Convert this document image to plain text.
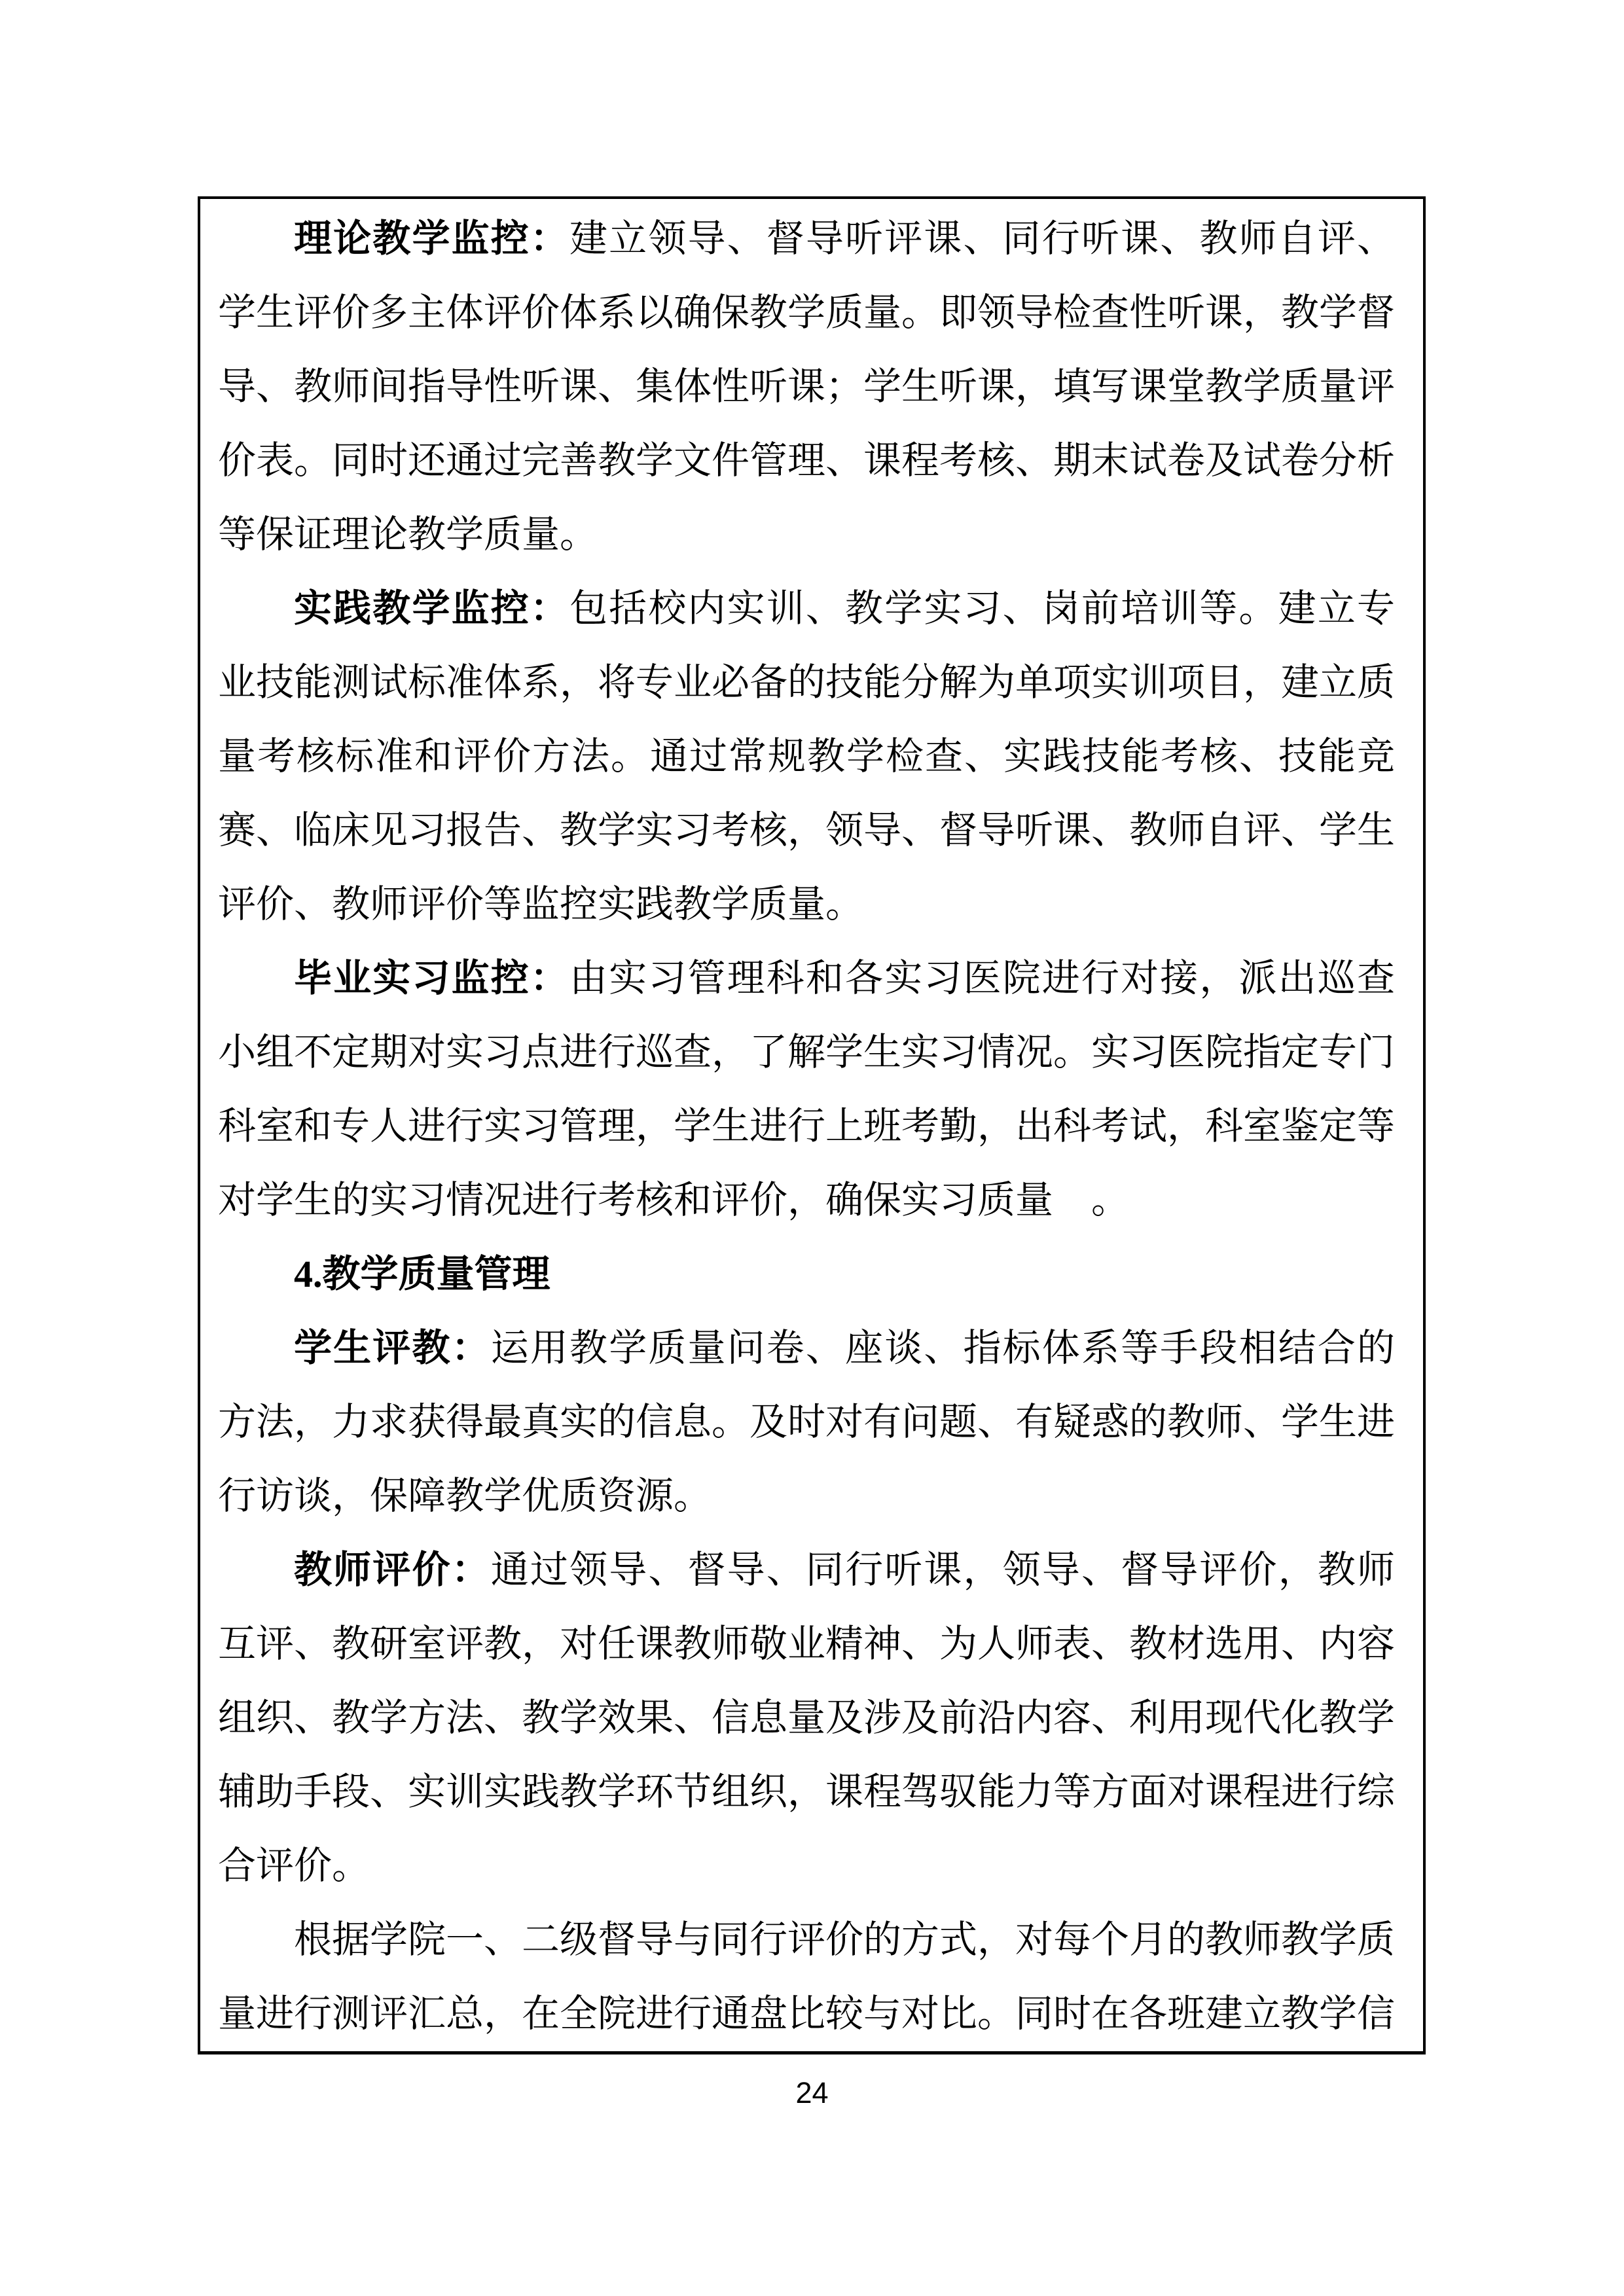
理论教学监控：建立领导、督导听评课、同行听课、教师自评、学生评价多主体评价体系以确保教学质量。即领导检查性听课，教学督导、教师间指导性听课、集体性听课；学生听课，填写课堂教学质量评价表。同时还通过完善教学文件管理、课程考核、期末试卷及试卷分析等保证理论教学质量。

实践教学监控：包括校内实训、教学实习、岗前培训等。建立专业技能测试标准体系，将专业必备的技能分解为单项实训项目，建立质量考核标准和评价方法。通过常规教学检查、实践技能考核、技能竞赛、临床见习报告、教学实习考核，领导、督导听课、教师自评、学生评价、教师评价等监控实践教学质量。

毕业实习监控：由实习管理科和各实习医院进行对接，派出巡查小组不定期对实习点进行巡查，了解学生实习情况。实习医院指定专门科室和专人进行实习管理，学生进行上班考勤，出科考试，科室鉴定等对学生的实习情况进行考核和评价，确保实习质量　。

4.教学质量管理

学生评教：运用教学质量问卷、座谈、指标体系等手段相结合的方法，力求获得最真实的信息。及时对有问题、有疑惑的教师、学生进行访谈，保障教学优质资源。

教师评价：通过领导、督导、同行听课，领导、督导评价，教师互评、教研室评教，对任课教师敬业精神、为人师表、教材选用、内容组织、教学方法、教学效果、信息量及涉及前沿内容、利用现代化教学辅助手段、实训实践教学环节组织，课程驾驭能力等方面对课程进行综合评价。

根据学院一、二级督导与同行评价的方式，对每个月的教师教学质量进行测评汇总，在全院进行通盘比较与对比。同时在各班建立教学信

24
